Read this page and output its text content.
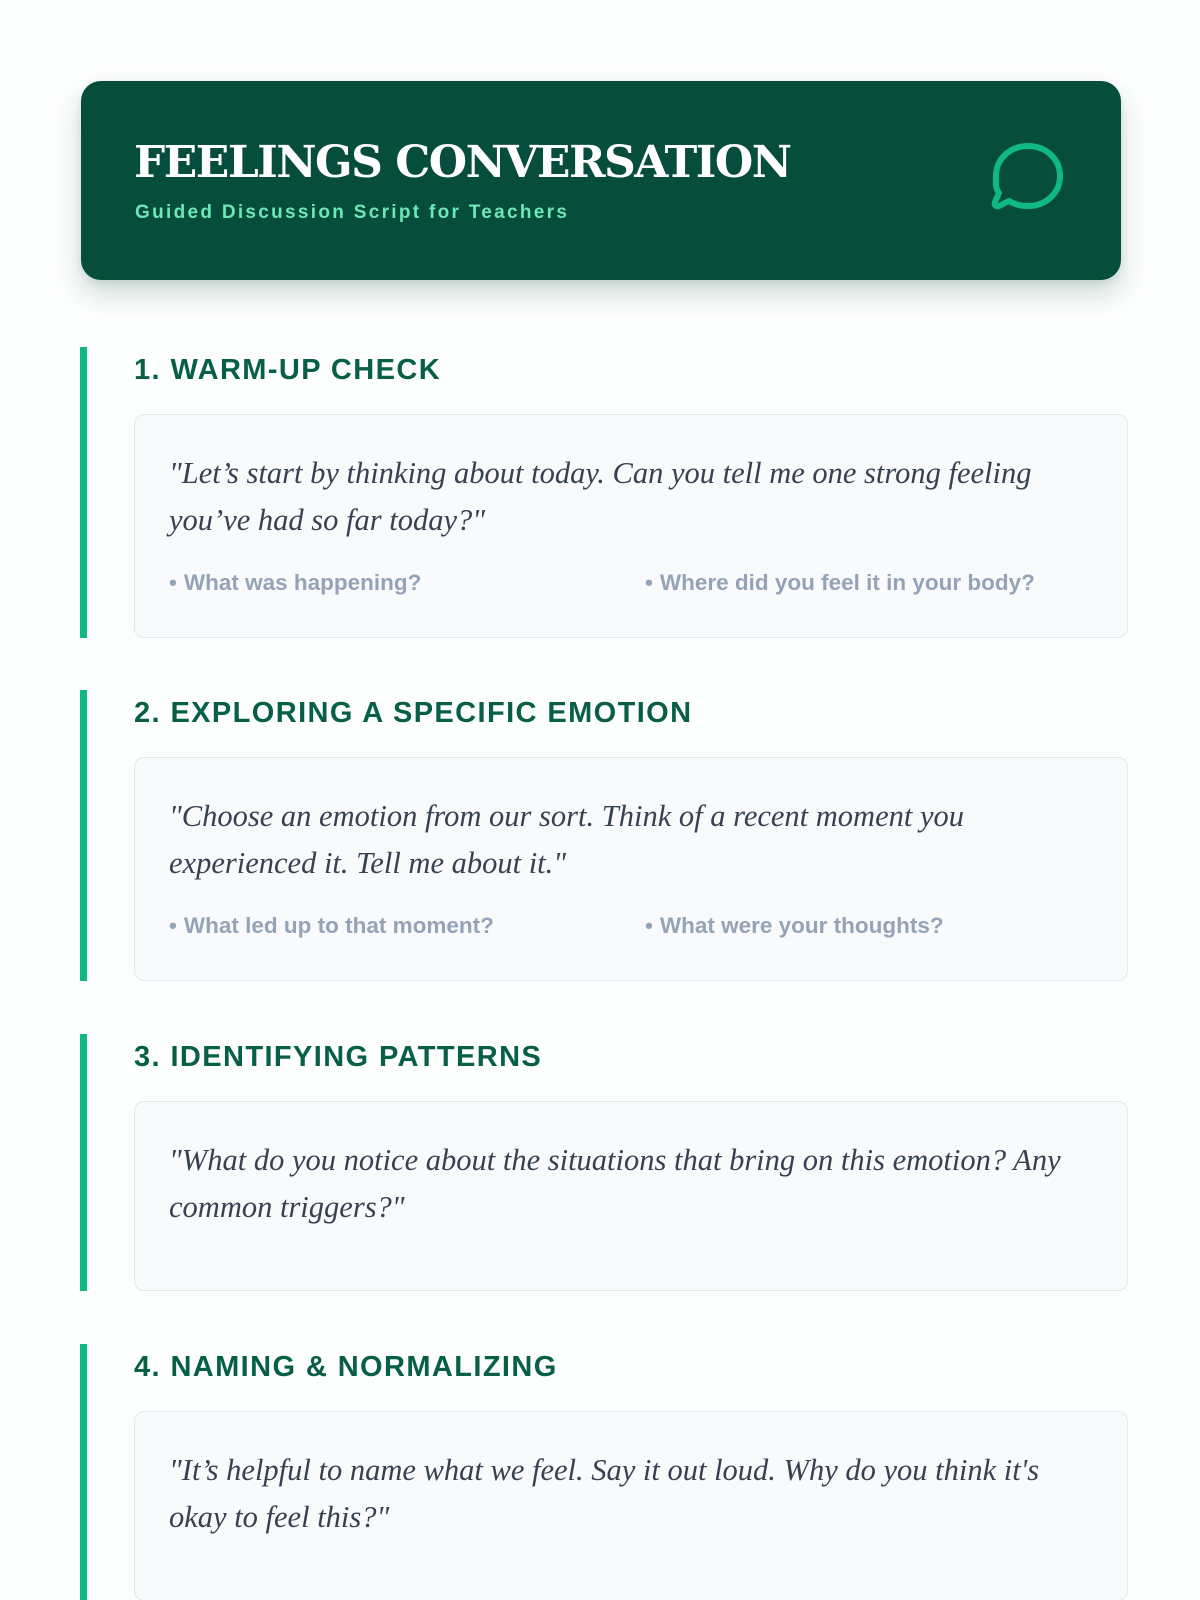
FEELINGS CONVERSATION

Guided Discussion Script for Teachers

1. WARM-UP CHECK

"Let’s start by thinking about today. Can you tell me one strong feeling you’ve had so far today?"

• What was happening?	• Where did you feel it in your body?
2. EXPLORING A SPECIFIC EMOTION

"Choose an emotion from our sort. Think of a recent moment you experienced it. Tell me about it."

• What led up to that moment?	• What were your thoughts?
3. IDENTIFYING PATTERNS

"What do you notice about the situations that bring on this emotion? Any common triggers?"

4. NAMING & NORMALIZING

"It’s helpful to name what we feel. Say it out loud. Why do you think it's okay to feel this?"
